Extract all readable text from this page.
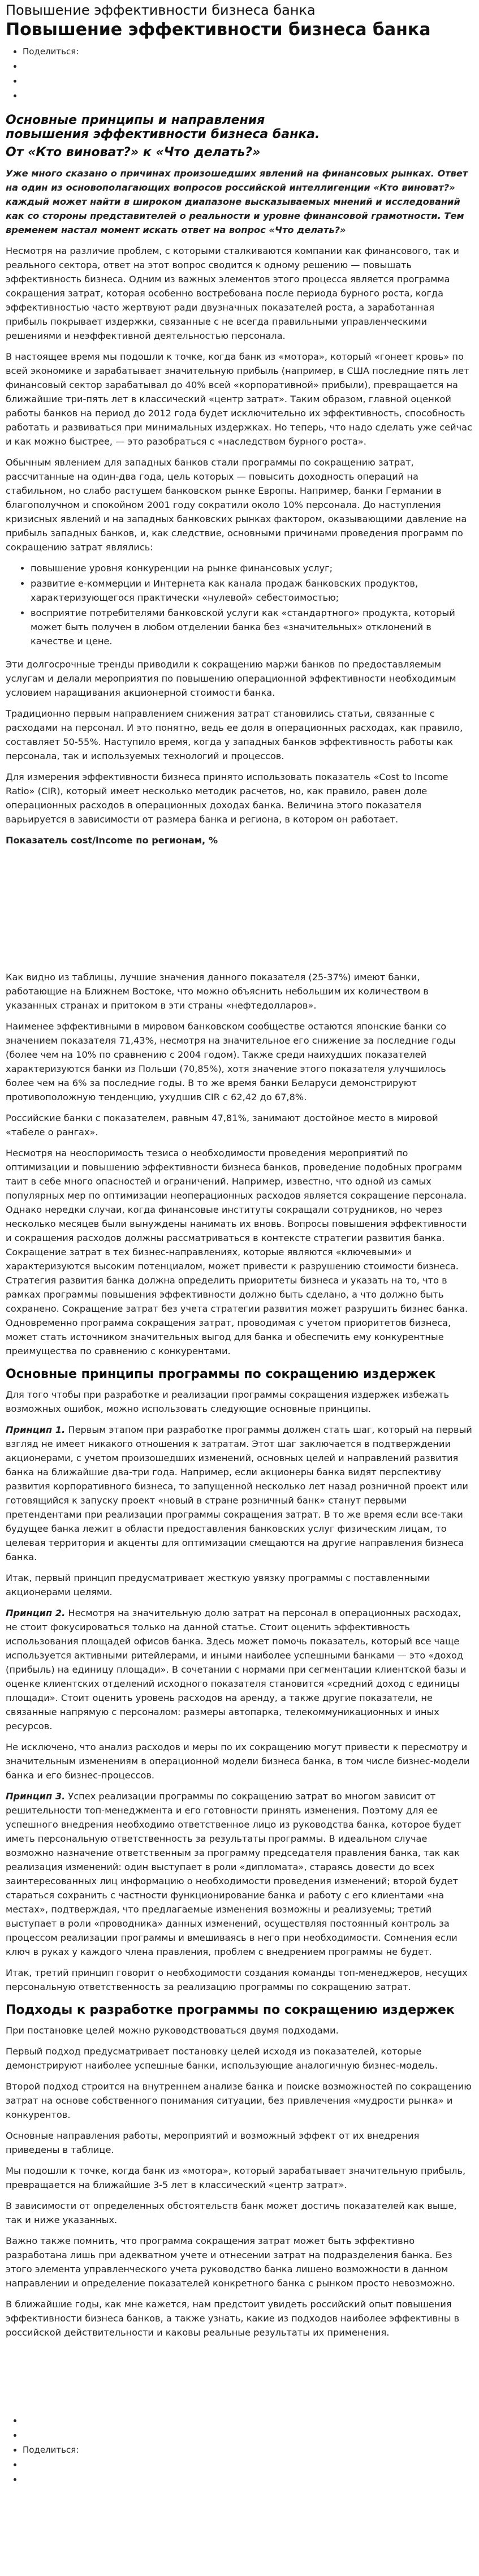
Повышение эффективности бизнеса банка
Повышение эффективности бизнеса банка
• Поделиться:
•
•
•
Основные принципы и направления
повышения эффективности бизнеса банка.
От «Кто виноват?» к «Что делать?»

Уже много сказано о причинах произошедших явлений на финансовых рынках. Ответ на один из основополагающих вопросов российской интеллигенции «Кто виноват?» каждый может найти в широком диапазоне высказываемых мнений и исследований как со стороны представителей о реальности и уровне финансовой грамотности. Тем временем настал момент искать ответ на вопрос «Что делать?»

Несмотря на различие проблем, с которыми сталкиваются компании как финансового, так и реального сектора, ответ на этот вопрос сводится к одному решению — повышать эффективность бизнеса. Одним из важных элементов этого процесса является программа сокращения затрат, которая особенно востребована после периода бурного роста, когда эффективностью часто жертвуют ради двузначных показателей роста, а заработанная прибыль покрывает издержки, связанные с не всегда правильными управленческими решениями и неэффективной деятельностью персонала.

В настоящее время мы подошли к точке, когда банк из «мотора», который «гонеет кровь» по всей экономике и зарабатывает значительную прибыль (например, в США последние пять лет финансовый сектор зарабатывал до 40% всей «корпоративной» прибыли), превращается на ближайшие три-пять лет в классический «центр затрат». Таким образом, главной оценкой работы банков на период до 2012 года будет исключительно их эффективность, способность работать и развиваться при минимальных издержках. Но теперь, что надо сделать уже сейчас и как можно быстрее, — это разобраться с «наследством бурного роста».

Обычным явлением для западных банков стали программы по сокращению затрат, рассчитанные на один-два года, цель которых — повысить доходность операций на стабильном, но слабо растущем банковском рынке Европы. Например, банки Германии в благополучном и спокойном 2001 году сократили около 10% персонала. До наступления кризисных явлений и на западных банковских рынках фактором, оказывающими давление на прибыль западных банков, и, как следствие, основными причинами проведения программ по сокращению затрат являлись:

• повышение уровня конкуренции на рынке финансовых услуг;
• развитие e-коммерции и Интернета как канала продаж банковских продуктов, характеризующегося практически «нулевой» себестоимостью;
• восприятие потребителями банковской услуги как «стандартного» продукта, который может быть получен в любом отделении банка без «значительных» отклонений в качестве и цене.

Эти долгосрочные тренды приводили к сокращению маржи банков по предоставляемым услугам и делали мероприятия по повышению операционной эффективности необходимым условием наращивания акционерной стоимости банка.

Традиционно первым направлением снижения затрат становились статьи, связанные с расходами на персонал. И это понятно, ведь ее доля в операционных расходах, как правило, составляет 50-55%. Наступило время, когда у западных банков эффективность работы как персонала, так и используемых технологий и процессов.

Для измерения эффективности бизнеса принято использовать показатель «Cost to Income Ratio» (CIR), который имеет несколько методик расчетов, но, как правило, равен доле операционных расходов в операционных доходах банка. Величина этого показателя варьируется в зависимости от размера банка и региона, в котором он работает.

Показатель cost/income по регионам, %

Как видно из таблицы, лучшие значения данного показателя (25-37%) имеют банки, работающие на Ближнем Востоке, что можно объяснить небольшим их количеством в указанных странах и притоком в эти страны «нефтедолларов».

Наименее эффективными в мировом банковском сообществе остаются японские банки со значением показателя 71,43%, несмотря на значительное его снижение за последние годы (более чем на 10% по сравнению с 2004 годом). Также среди наихудших показателей характеризуются банки из Польши (70,85%), хотя значение этого показателя улучшилось более чем на 6% за последние годы. В то же время банки Беларуси демонстрируют противоположную тенденцию, ухудшив CIR с 62,42 до 67,8%.

Российские банки с показателем, равным 47,81%, занимают достойное место в мировой «табеле о рангах».

Несмотря на неоспоримость тезиса о необходимости проведения мероприятий по оптимизации и повышению эффективности бизнеса банков, проведение подобных программ таит в себе много опасностей и ограничений. Например, известно, что одной из самых популярных мер по оптимизации неоперационных расходов является сокращение персонала. Однако нередки случаи, когда финансовые институты сокращали сотрудников, но через несколько месяцев были вынуждены нанимать их вновь. Вопросы повышения эффективности и сокращения расходов должны рассматриваться в контексте стратегии развития банка. Сокращение затрат в тех бизнес-направлениях, которые являются «ключевыми» и характеризуются высоким потенциалом, может привести к разрушению стоимости бизнеса. Стратегия развития банка должна определить приоритеты бизнеса и указать на то, что в рамках программы повышения эффективности должно быть сделано, а что должно быть сохранено. Сокращение затрат без учета стратегии развития может разрушить бизнес банка. Одновременно программа сокращения затрат, проводимая с учетом приоритетов бизнеса, может стать источником значительных выгод для банка и обеспечить ему конкурентные преимущества по сравнению с конкурентами.

Основные принципы программы по сокращению издержек

Для того чтобы при разработке и реализации программы сокращения издержек избежать возможных ошибок, можно использовать следующие основные принципы.

Принцип 1. Первым этапом при разработке программы должен стать шаг, который на первый взгляд не имеет никакого отношения к затратам. Этот шаг заключается в подтверждении акционерами, с учетом произошедших изменений, основных целей и направлений развития банка на ближайшие два-три года. Например, если акционеры банка видят перспективу развития корпоративного бизнеса, то запущенной несколько лет назад розничной проект или готовящийся к запуску проект «новый в стране розничный банк» станут первыми претендентами при реализации программы сокращения затрат. В то же время если все-таки будущее банка лежит в области предоставления банковских услуг физическим лицам, то целевая территория и акценты для оптимизации смещаются на другие направления бизнеса банка.

Итак, первый принцип предусматривает жесткую увязку программы с поставленными акционерами целями.

Принцип 2. Несмотря на значительную долю затрат на персонал в операционных расходах, не стоит фокусироваться только на данной статье. Стоит оценить эффективность использования площадей офисов банка. Здесь может помочь показатель, который все чаще используется активными ритейлерами, и иными наиболее успешными банками — это «доход (прибыль) на единицу площади». В сочетании с нормами при сегментации клиентской базы и оценке клиентских отделений исходного показателя становится «средний доход с единицы площади». Стоит оценить уровень расходов на аренду, а также другие показатели, не связанные напрямую с персоналом: размеры автопарка, телекоммуникационных и иных ресурсов.

Не исключено, что анализ расходов и меры по их сокращению могут привести к пересмотру и значительным изменениям в операционной модели бизнеса банка, в том числе бизнес-модели банка и его бизнес-процессов.

Принцип 3. Успех реализации программы по сокращению затрат во многом зависит от решительности топ-менеджмента и его готовности принять изменения. Поэтому для ее успешного внедрения необходимо ответственное лицо из руководства банка, которое будет иметь персональную ответственность за результаты программы. В идеальном случае возможно назначение ответственным за программу председателя правления банка, так как реализация изменений: один выступает в роли «дипломата», стараясь довести до всех заинтересованных лиц информацию о необходимости проведения изменений; второй будет стараться сохранить с частности функционирование банка и работу с его клиентами «на местах», подтверждая, что предлагаемые изменения возможны и реализуемы; третий выступает в роли «проводника» данных изменений, осуществляя постоянный контроль за процессом реализации программы и вмешиваясь в него при необходимости. Сомнения если ключ в руках у каждого члена правления, проблем с внедрением программы не будет.

Итак, третий принцип говорит о необходимости создания команды топ-менеджеров, несущих персональную ответственность за реализацию программы по сокращению затрат.

Подходы к разработке программы по сокращению издержек

При постановке целей можно руководствоваться двумя подходами.

Первый подход предусматривает постановку целей исходя из показателей, которые демонстрируют наиболее успешные банки, использующие аналогичную бизнес-модель.

Второй подход строится на внутреннем анализе банка и поиске возможностей по сокращению затрат на основе собственного понимания ситуации, без привлечения «мудрости рынка» и конкурентов.

Основные направления работы, мероприятий и возможный эффект от их внедрения приведены в таблице.

Мы подошли к точке, когда банк из «мотора», который зарабатывает значительную прибыль, превращается на ближайшие 3-5 лет в классический «центр затрат».

В зависимости от определенных обстоятельств банк может достичь показателей как выше, так и ниже указанных.

Важно также помнить, что программа сокращения затрат может быть эффективно разработана лишь при адекватном учете и отнесении затрат на подразделения банка. Без этого элемента управленческого учета руководство банка лишено возможности в данном направлении и определение показателей конкретного банка с рынком просто невозможно.

В ближайшие годы, как мне кажется, нам предстоит увидеть российский опыт повышения эффективности бизнеса банков, а также узнать, какие из подходов наиболее эффективны в российской действительности и каковы реальные результаты их применения.

•
•
• Поделиться:
•
•
